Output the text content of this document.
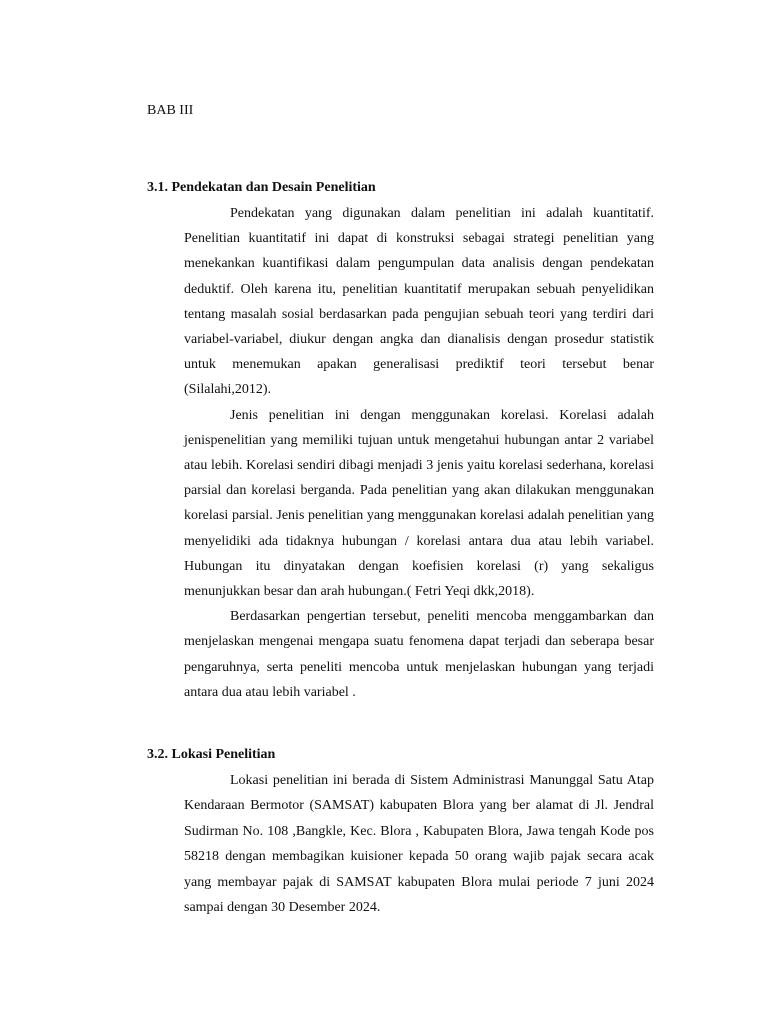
BAB III
3.1. Pendekatan dan Desain Penelitian

Pendekatan yang digunakan dalam penelitian ini adalah kuantitatif. Penelitian kuantitatif ini dapat di konstruksi sebagai strategi penelitian yang menekankan kuantifikasi dalam pengumpulan data analisis dengan pendekatan deduktif. Oleh karena itu, penelitian kuantitatif merupakan sebuah penyelidikan tentang masalah sosial berdasarkan pada pengujian sebuah teori yang terdiri dari variabel-variabel, diukur dengan angka dan dianalisis dengan prosedur statistik untuk menemukan apakan generalisasi prediktif teori tersebut benar (Silalahi,2012).

Jenis penelitian ini dengan menggunakan korelasi. Korelasi adalah jenispenelitian yang memiliki tujuan untuk mengetahui hubungan antar 2 variabel atau lebih. Korelasi sendiri dibagi menjadi 3 jenis yaitu korelasi sederhana, korelasi parsial dan korelasi berganda. Pada penelitian yang akan dilakukan menggunakan korelasi parsial. Jenis penelitian yang menggunakan korelasi adalah penelitian yang menyelidiki ada tidaknya hubungan / korelasi antara dua atau lebih variabel. Hubungan itu dinyatakan dengan koefisien korelasi (r) yang sekaligus menunjukkan besar dan arah hubungan.( Fetri Yeqi dkk,2018).

Berdasarkan pengertian tersebut, peneliti mencoba menggambarkan dan menjelaskan mengenai mengapa suatu fenomena dapat terjadi dan seberapa besar pengaruhnya, serta peneliti mencoba untuk menjelaskan hubungan yang terjadi antara dua atau lebih variabel .

3.2. Lokasi Penelitian

Lokasi penelitian ini berada di Sistem Administrasi Manunggal Satu Atap Kendaraan Bermotor (SAMSAT) kabupaten Blora yang ber alamat di Jl. Jendral Sudirman No. 108 ,Bangkle, Kec. Blora , Kabupaten Blora, Jawa tengah Kode pos 58218 dengan membagikan kuisioner kepada 50 orang wajib pajak secara acak yang membayar pajak di SAMSAT kabupaten Blora mulai periode 7 juni 2024 sampai dengan 30 Desember 2024.
